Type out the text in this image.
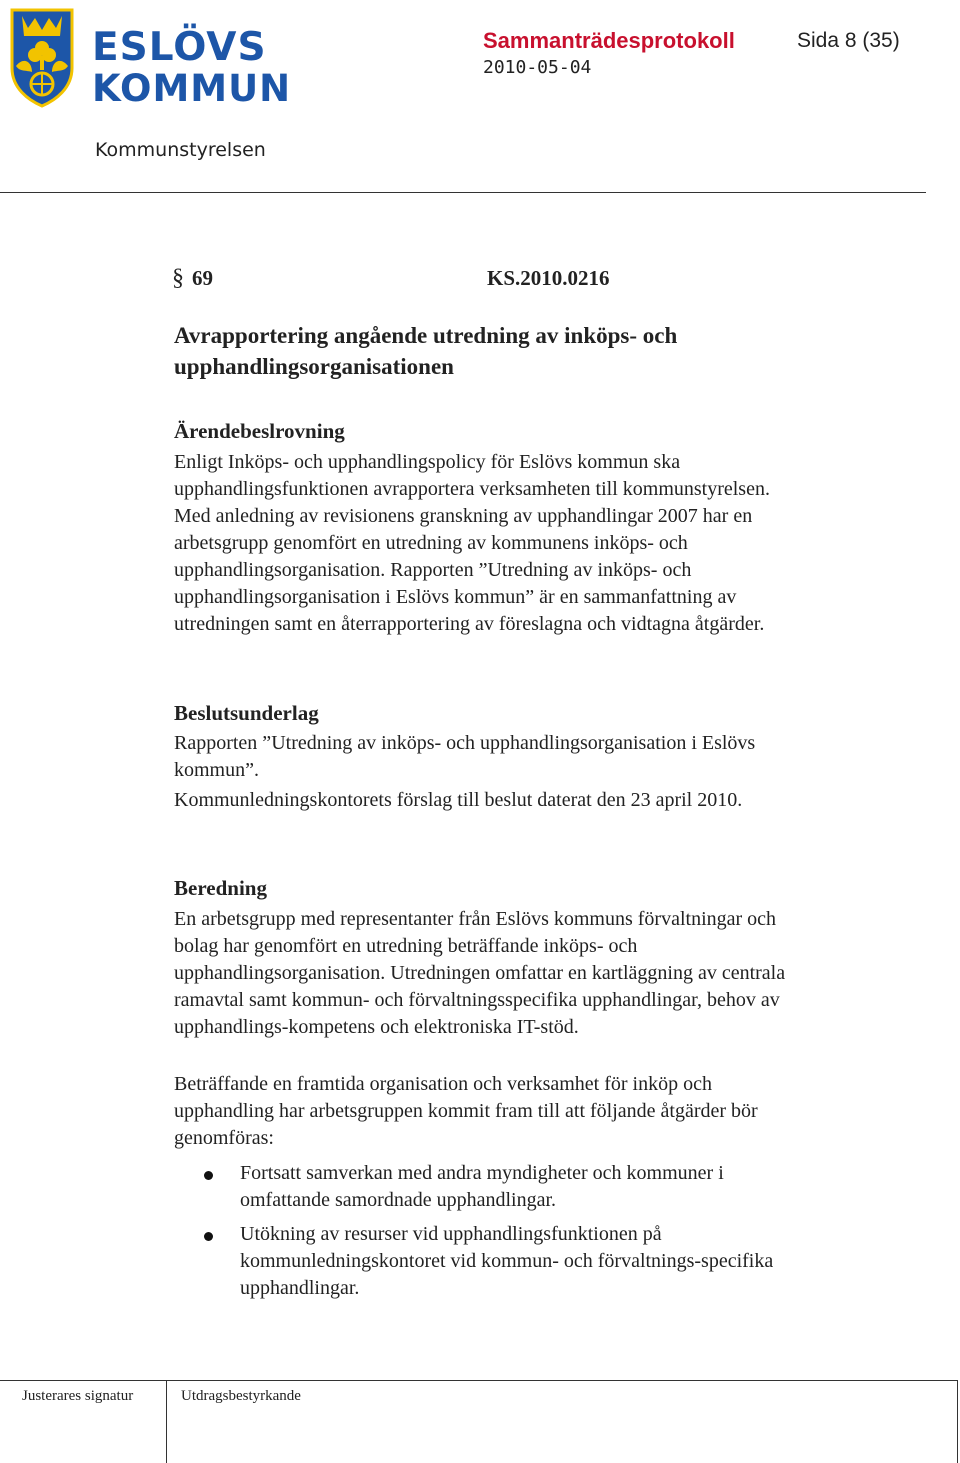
ESLÖVS
KOMMUN
Sammanträdesprotokoll	Sida 8 (35)
2010-05-04
Kommunstyrelsen
§ 69	KS.2010.0216
Avrapportering angående utredning av inköps- och upphandlingsorganisationen
Ärendebeslrovning

Enligt Inköps- och upphandlingspolicy för Eslövs kommun ska upphandlingsfunktionen avrapportera verksamheten till kommunstyrelsen. Med anledning av revisionens granskning av upphandlingar 2007 har en arbetsgrupp genomfört en utredning av kommunens inköps- och upphandlingsorganisation. Rapporten ”Utredning av inköps- och upphandlingsorganisation i Eslövs kommun” är en sammanfattning av utredningen samt en återrapportering av föreslagna och vidtagna åtgärder.

Beslutsunderlag

Rapporten ”Utredning av inköps- och upphandlingsorganisation i Eslövs kommun”.

Kommunledningskontorets förslag till beslut daterat den 23 april 2010.

Beredning

En arbetsgrupp med representanter från Eslövs kommuns förvaltningar och bolag har genomfört en utredning beträffande inköps- och upphandlingsorganisation. Utredningen omfattar en kartläggning av centrala ramavtal samt kommun- och förvaltningsspecifika upphandlingar, behov av upphandlings-kompetens och elektroniska IT-stöd.

Beträffande en framtida organisation och verksamhet för inköp och upphandling har arbetsgruppen kommit fram till att följande åtgärder bör genomföras:

Fortsatt samverkan med andra myndigheter och kommuner i omfattande samordnade upphandlingar.
Utökning av resurser vid upphandlingsfunktionen på kommunledningskontoret vid kommun- och förvaltnings-specifika upphandlingar.
Justerares signatur	Utdragsbestyrkande
